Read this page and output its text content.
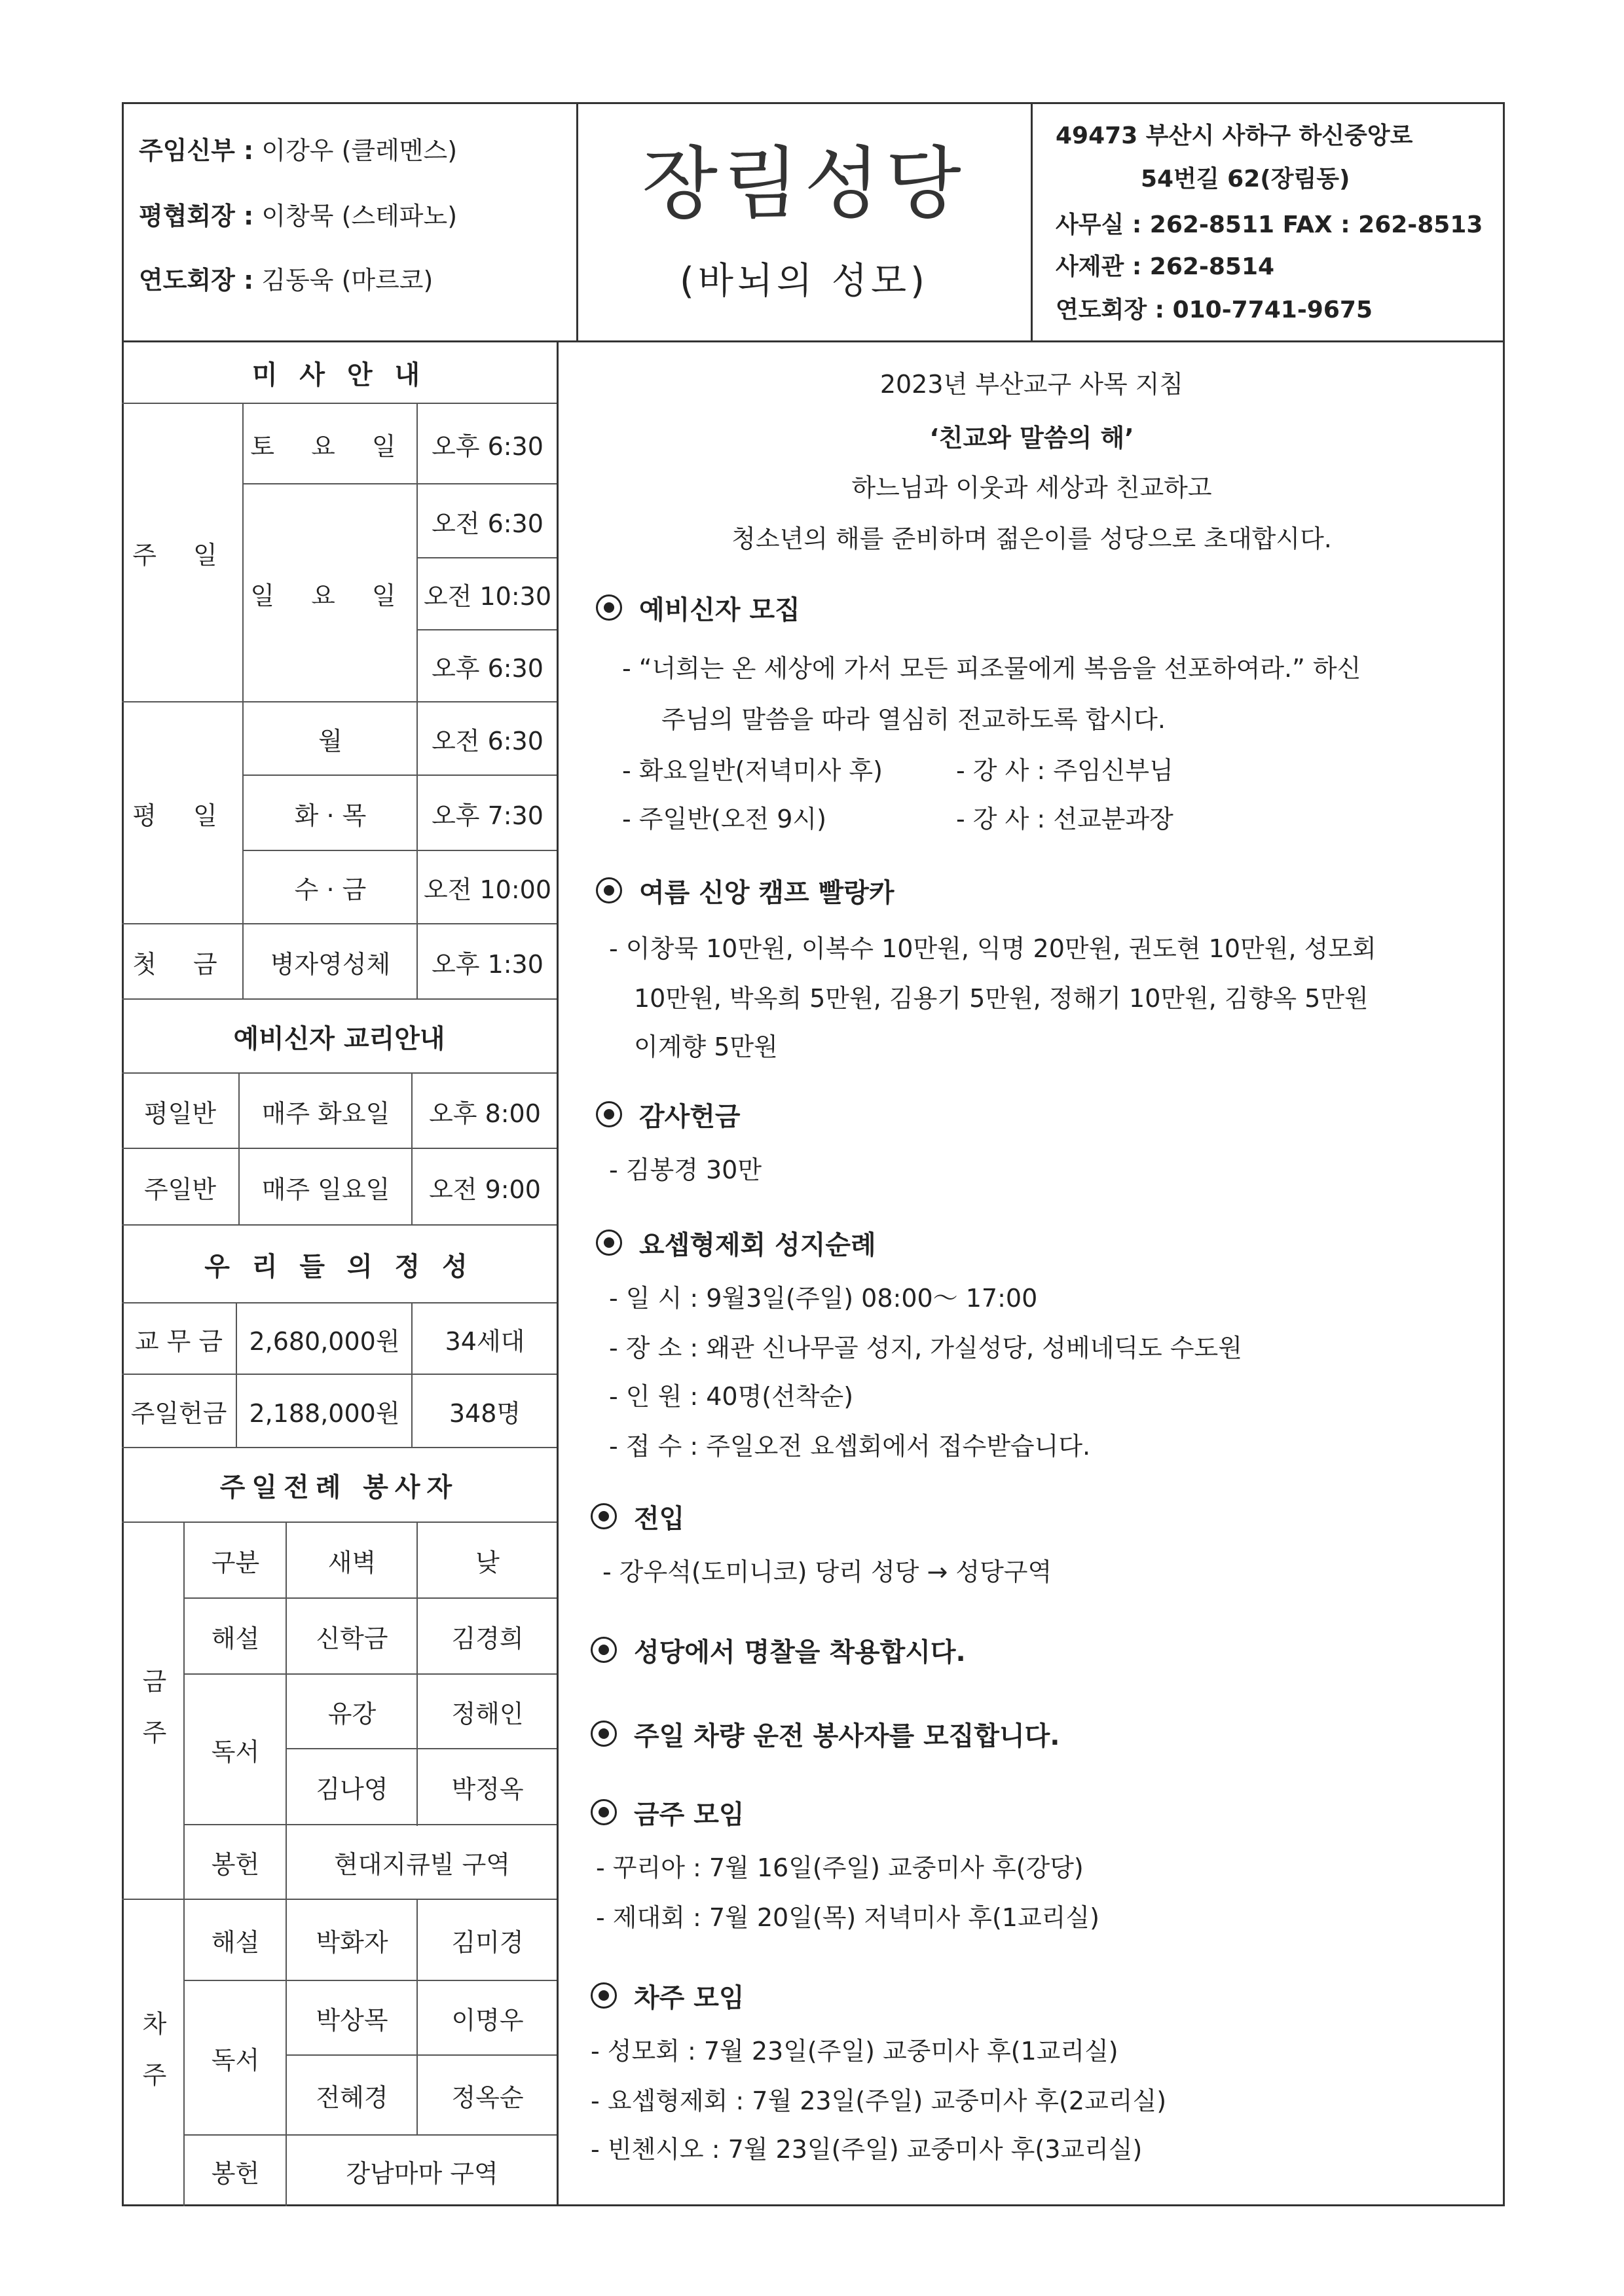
주임신부 :
이강우 (클레멘스)
평협회장 :
이창묵 (스테파노)
연도회장 :
김동욱 (마르코)
장림성당
(바뇌의 성모)
49473 부산시 사하구 하신중앙로
54번길 62(장림동)
사무실 : 262-8511 FAX : 262-8513
사제관 : 262-8514
연도회장 : 010-7741-9675
미 사 안 내
주 일
토 요 일 오후 6:30
일 요 일
오전 6:30
오전 10:30
오후 6:30
평 일
월	오전 6:30
화 · 목	오후 7:30
수 · 금	오전 10:00
첫 금	병자영성체	오후 1:30
예비신자 교리안내
평일반	매주 화요일	오후 8:00
주일반	매주 일요일	오전 9:00
우 리 들 의 정 성
교 무 금	2,680,000원	34세대
주일헌금 2,188,000원	348명
주일전례 봉사자
금 주
구분	새벽	낮
해설	신학금	김경희
독서
유강	정해인
김나영	박정옥
봉헌	현대지큐빌 구역
차 주
해설	박화자	김미경
독서
박상목	이명우
전혜경	정옥순
봉헌	강남마마 구역
2023년 부산교구 사목 지침
‘친교와 말씀의 해’
하느님과 이웃과 세상과 친교하고
청소년의 해를 준비하며 젊은이를 성당으로 초대합시다.
예비신자 모집
- “너희는 온 세상에 가서 모든 피조물에게 복음을 선포하여라.” 하신
주님의 말씀을 따라 열심히 전교하도록 합시다.
- 화요일반(저녁미사 후)	- 강 사 : 주임신부님
- 주일반(오전 9시)	- 강 사 : 선교분과장
여름 신앙 캠프 빨랑카
- 이창묵 10만원, 이복수 10만원, 익명 20만원, 권도현 10만원, 성모회
10만원, 박옥희 5만원, 김용기 5만원, 정해기 10만원, 김향옥 5만원
이계향 5만원
감사헌금
- 김봉경 30만
요셉형제회 성지순례
- 일 시 : 9월3일(주일) 08:00～ 17:00
- 장 소 : 왜관 신나무골 성지, 가실성당, 성베네딕도 수도원
- 인 원 : 40명(선착순)
- 접 수 : 주일오전 요셉회에서 접수받습니다.
전입
- 강우석(도미니코) 당리 성당 → 성당구역
성당에서 명찰을 착용합시다.
주일 차량 운전 봉사자를 모집합니다.
금주 모임
- 꾸리아 : 7월 16일(주일) 교중미사 후(강당)
- 제대회 : 7월 20일(목) 저녁미사 후(1교리실)
차주 모임
- 성모회 : 7월 23일(주일) 교중미사 후(1교리실)
- 요셉형제회 : 7월 23일(주일) 교중미사 후(2교리실)
- 빈첸시오 : 7월 23일(주일) 교중미사 후(3교리실)
